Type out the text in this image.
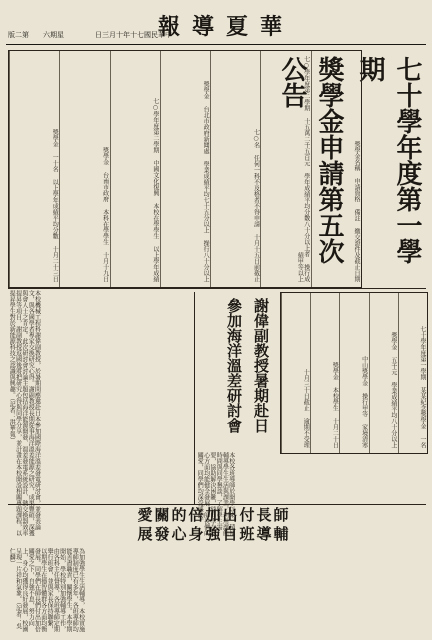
版二第　　六期星	日三月十年十七國民華中
報導夏華
七十學年度第一學期
獎學金申請第五次公告
獎學金名稱 申請資格 備註 繳交證件及截止日期
七○學年度第二學期 十五萬二千五百元 學年成績平均分數八十分以上者 操行成績甲等以上
七○名 任何一科不及格者不得申請 十月十五日前截止
獎學金 台北市政府新聞處 學業成績平均七十五分以上 操行八十分以上
七○學年度第二學期 中國文化復興 本校在學學生 以上學年成績
獎學金 台南市政府 本科在學學生 十月十九日
獎學金 一十名 以上學年成績平均分數 十月二十三日
七十學年度第一學期 某某紀念獎學金 一名
獎學金 五千元 學業成績平均八十分以上
中山獎學金 操行甲等 家境清寒
獎學金 本校學生 十月二十日
十月三十日截止 逾期不受理
謝偉副教授暑期赴日
參加海洋溫差研討會
本校機械工程科謝偉副教授，於暑期間應邀赴日本參加國際海洋溫差發電研討會，並發表論文，與各國學者專家交換研究心得。謝副教授長期從事海洋溫差能源之研究，成果豐碩，深獲與會人士之肯定。此次研討會討論主題包括海洋能源開發、溫差發電系統設計、熱交換器效率提昇等項目，謝副教授返國後將把研究心得與同學分享，並計畫在本校開設相關專題課程，以提昇學生對於新能源科技之認識與興趣。（記者：洪華報）
本校各班導師於開學以來，積極輔導學生生活與課業，利用課餘時間與同學懇談，了解學生需要，協助解決困難，使同學在身心方面均能健全發展，師長們的關愛，同學們均深受感動。
愛關的倍加出付長師
展發心身強自班導輔
為加強學生生活輔導，本校實施導師制度已有多年，各班導師均能善盡職責，關懷學生。本學期開始，學校特別加強輔導工作，由各科主任督導，各班導師定期舉行班會，並與家長保持聯繫，以期學生在德智體群各方面均衡發展。同學們在師長們付出加倍關愛之下，自強不息，努力向上，身心均獲得良好發展，校園呈現一片祥和氣象。（記者：吳仁麟）
